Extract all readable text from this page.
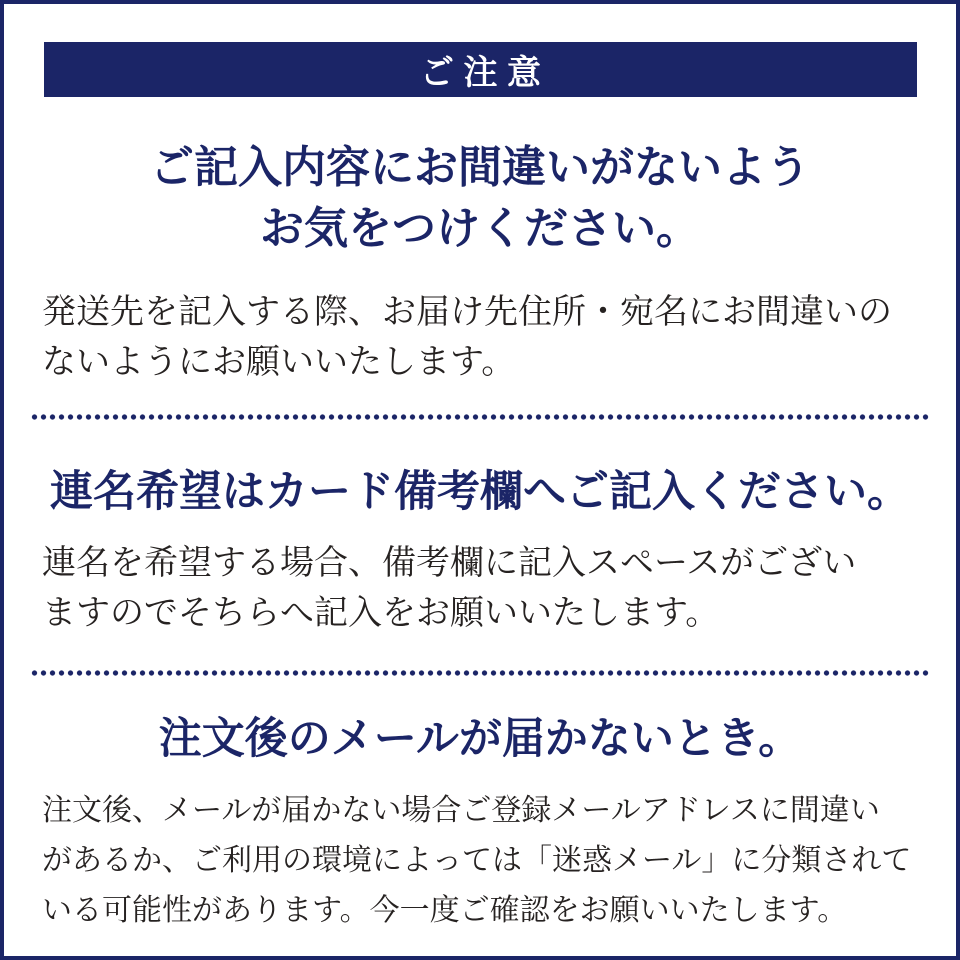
ご注意
ご記入内容にお間違いがないよう
お気をつけください。

発送先を記入する際、お届け先住所・宛名にお間違いの
ないようにお願いいたします。

連名希望はカード備考欄へご記入ください。

連名を希望する場合、備考欄に記入スペースがござい
ますのでそちらへ記入をお願いいたします。

注文後のメールが届かないとき。

注文後、メールが届かない場合ご登録メールアドレスに間違い
があるか、ご利用の環境によっては「迷惑メール」に分類されて
いる可能性があります。今一度ご確認をお願いいたします。
